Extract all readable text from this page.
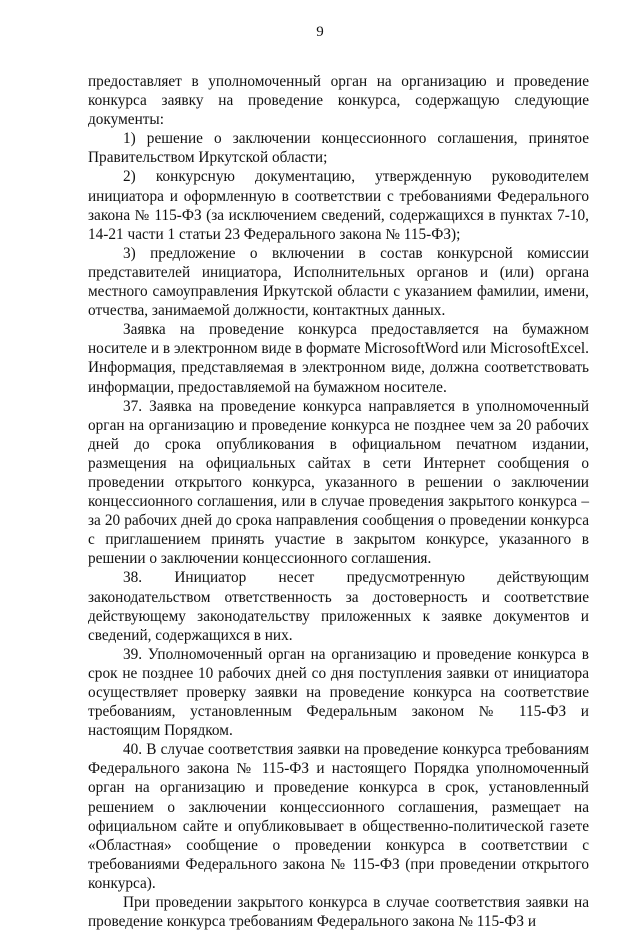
9

предоставляет в уполномоченный орган на организацию и проведение конкурса заявку на проведение конкурса, содержащую следующие документы:

1) решение о заключении концессионного соглашения, принятое Правительством Иркутской области;

2) конкурсную документацию, утвержденную руководителем инициатора и оформленную в соответствии с требованиями Федерального закона № 115-ФЗ (за исключением сведений, содержащихся в пунктах 7-10, 14-21 части 1 статьи 23 Федерального закона № 115-ФЗ);

3) предложение о включении в состав конкурсной комиссии представителей инициатора, Исполнительных органов и (или) органа местного самоуправления Иркутской области с указанием фамилии, имени, отчества, занимаемой должности, контактных данных.

Заявка на проведение конкурса предоставляется на бумажном носителе и в электронном виде в формате MicrosoftWord или MicrosoftExcel. Информация, представляемая в электронном виде, должна соответствовать информации, предоставляемой на бумажном носителе.

37. Заявка на проведение конкурса направляется в уполномоченный орган на организацию и проведение конкурса не позднее чем за 20 рабочих дней до срока опубликования в официальном печатном издании, размещения на официальных сайтах в сети Интернет сообщения о проведении открытого конкурса, указанного в решении о заключении концессионного соглашения, или в случае проведения закрытого конкурса – за 20 рабочих дней до срока направления сообщения о проведении конкурса с приглашением принять участие в закрытом конкурсе, указанного в решении о заключении концессионного соглашения.

38. Инициатор несет предусмотренную действующим законодательством ответственность за достоверность и соответствие действующему законодательству приложенных к заявке документов и сведений, содержащихся в них.

39. Уполномоченный орган на организацию и проведение конкурса в срок не позднее 10 рабочих дней со дня поступления заявки от инициатора осуществляет проверку заявки на проведение конкурса на соответствие требованиям, установленным Федеральным законом № 115-ФЗ и настоящим Порядком.

40. В случае соответствия заявки на проведение конкурса требованиям Федерального закона № 115-ФЗ и настоящего Порядка уполномоченный орган на организацию и проведение конкурса в срок, установленный решением о заключении концессионного соглашения, размещает на официальном сайте и опубликовывает в общественно-политической газете «Областная» сообщение о проведении конкурса в соответствии с требованиями Федерального закона № 115-ФЗ (при проведении открытого конкурса).

При проведении закрытого конкурса в случае соответствия заявки на проведение конкурса требованиям Федерального закона № 115-ФЗ и
